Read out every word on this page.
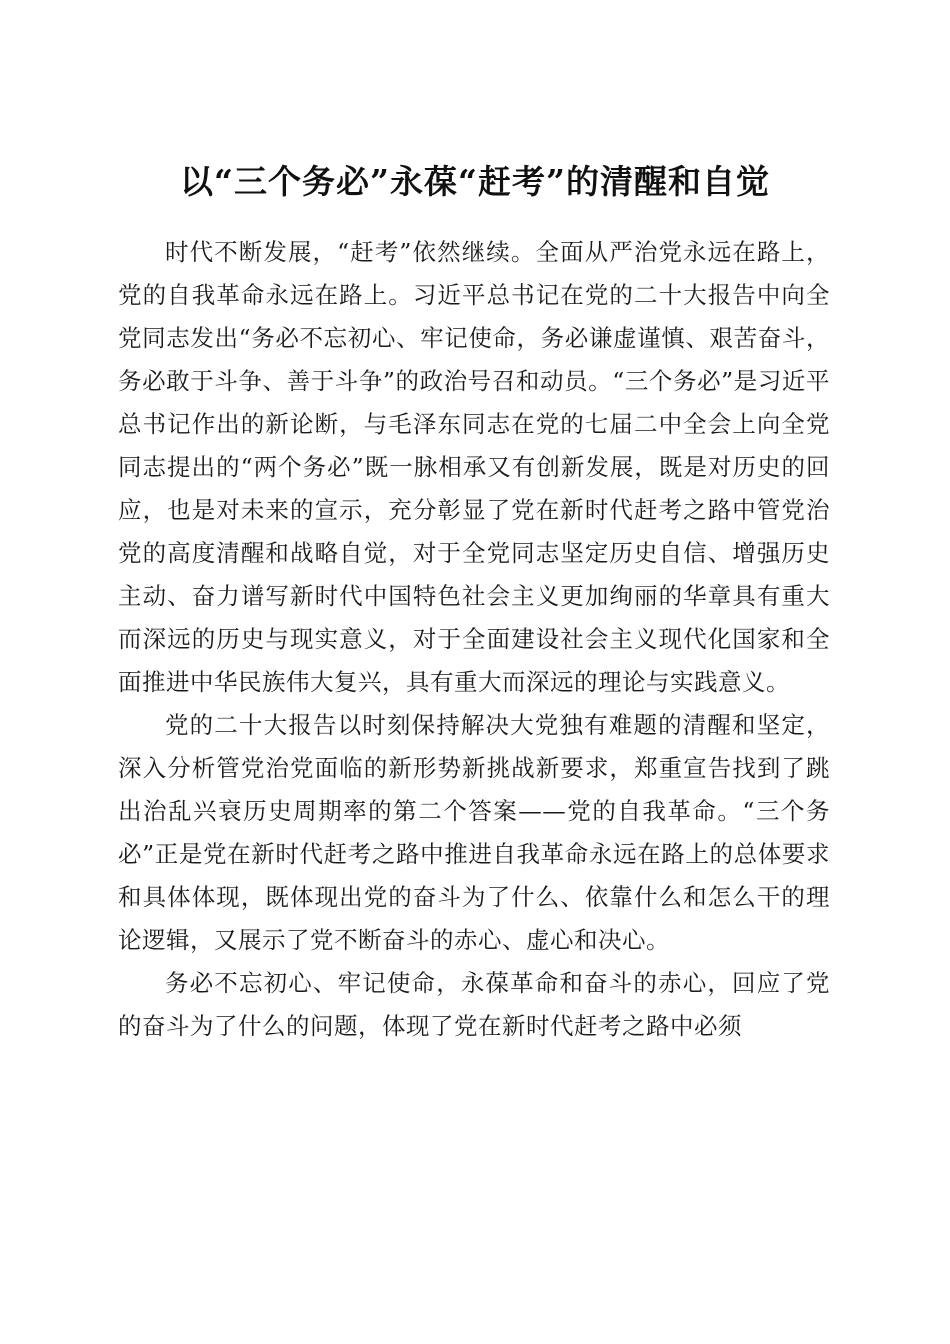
以“三个务必”永葆“赶考”的清醒和自觉

时代不断发展，“赶考”依然继续。全面从严治党永远在路上，党的自我革命永远在路上。习近平总书记在党的二十大报告中向全党同志发出“务必不忘初心、牢记使命，务必谦虚谨慎、艰苦奋斗，务必敢于斗争、善于斗争”的政治号召和动员。“三个务必”是习近平总书记作出的新论断，与毛泽东同志在党的七届二中全会上向全党同志提出的“两个务必”既一脉相承又有创新发展，既是对历史的回应，也是对未来的宣示，充分彰显了党在新时代赶考之路中管党治党的高度清醒和战略自觉，对于全党同志坚定历史自信、增强历史主动、奋力谱写新时代中国特色社会主义更加绚丽的华章具有重大而深远的历史与现实意义，对于全面建设社会主义现代化国家和全面推进中华民族伟大复兴，具有重大而深远的理论与实践意义。

党的二十大报告以时刻保持解决大党独有难题的清醒和坚定，深入分析管党治党面临的新形势新挑战新要求，郑重宣告找到了跳出治乱兴衰历史周期率的第二个答案——党的自我革命。“三个务必”正是党在新时代赶考之路中推进自我革命永远在路上的总体要求和具体体现，既体现出党的奋斗为了什么、依靠什么和怎么干的理论逻辑，又展示了党不断奋斗的赤心、虚心和决心。

务必不忘初心、牢记使命，永葆革命和奋斗的赤心，回应了党的奋斗为了什么的问题，体现了党在新时代赶考之路中必须
